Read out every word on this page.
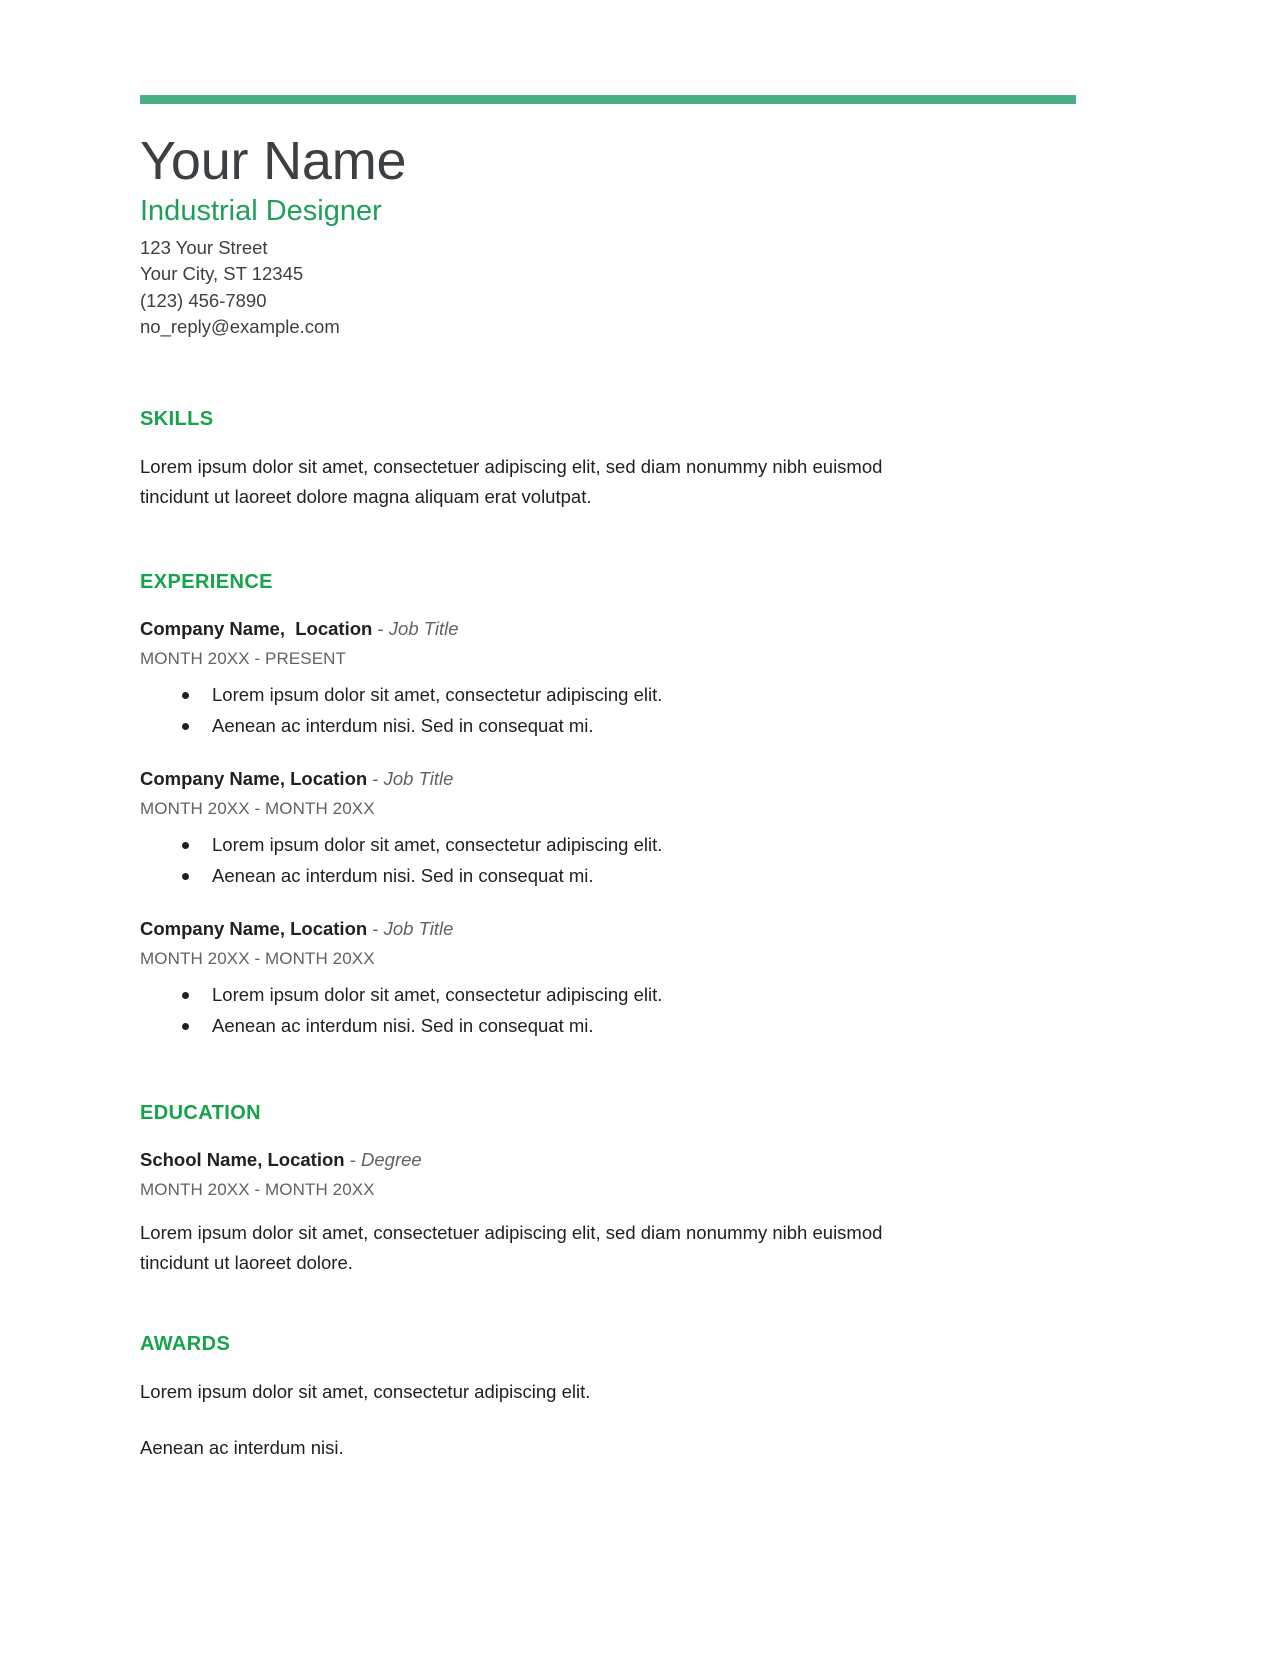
Your Name
Industrial Designer
123 Your Street
Your City, ST 12345
(123) 456-7890
no_reply@example.com
SKILLS

Lorem ipsum dolor sit amet, consectetuer adipiscing elit, sed diam nonummy nibh euismod tincidunt ut laoreet dolore magna aliquam erat volutpat.

EXPERIENCE

Company Name,  Location - Job Title

MONTH 20XX - PRESENT

Lorem ipsum dolor sit amet, consectetur adipiscing elit.
Aenean ac interdum nisi. Sed in consequat mi.

Company Name, Location - Job Title

MONTH 20XX - MONTH 20XX

Lorem ipsum dolor sit amet, consectetur adipiscing elit.
Aenean ac interdum nisi. Sed in consequat mi.

Company Name, Location - Job Title

MONTH 20XX - MONTH 20XX

Lorem ipsum dolor sit amet, consectetur adipiscing elit.
Aenean ac interdum nisi. Sed in consequat mi.
EDUCATION

School Name, Location - Degree

MONTH 20XX - MONTH 20XX

Lorem ipsum dolor sit amet, consectetuer adipiscing elit, sed diam nonummy nibh euismod tincidunt ut laoreet dolore.

AWARDS

Lorem ipsum dolor sit amet, consectetur adipiscing elit.

Aenean ac interdum nisi.
